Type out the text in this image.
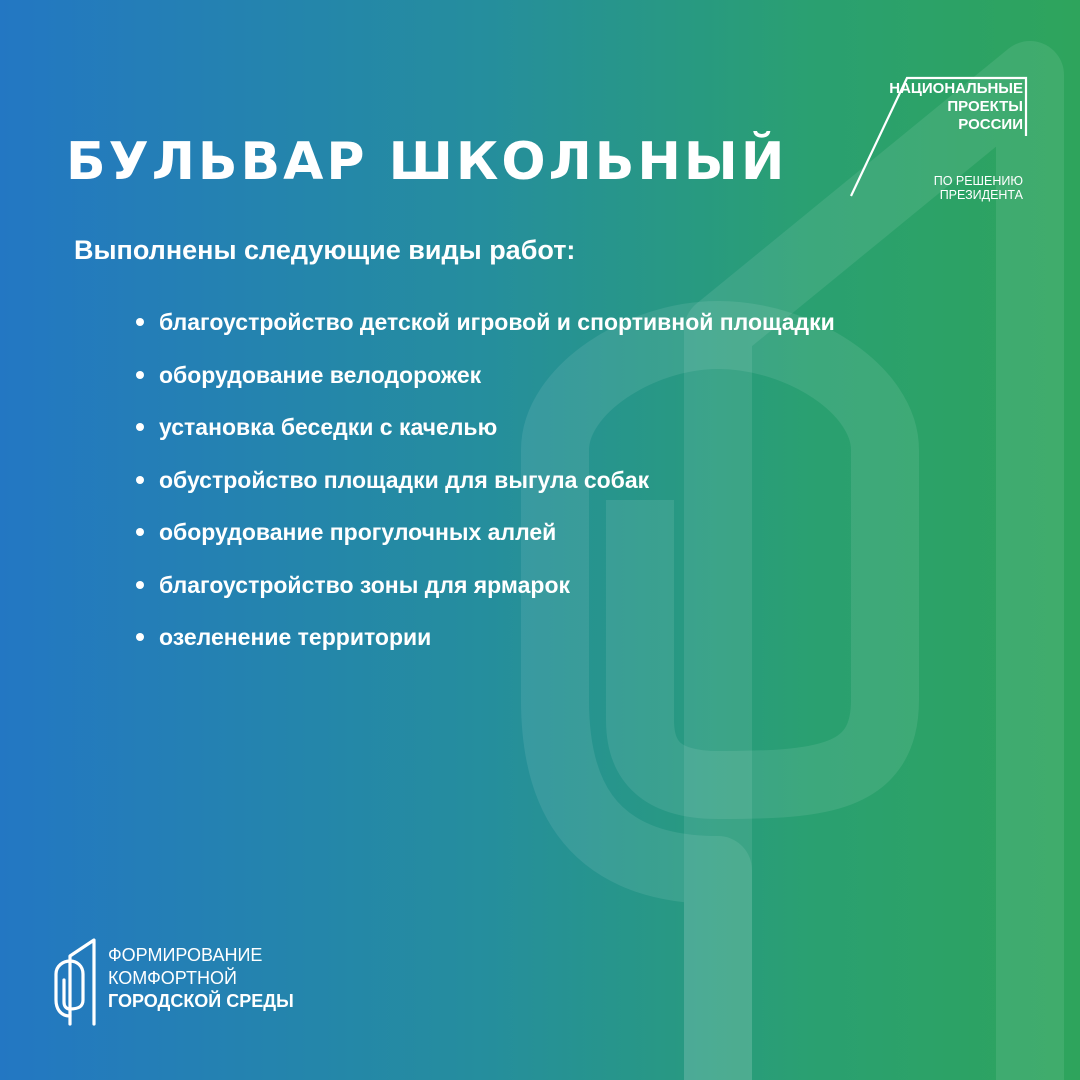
БУЛЬВАР ШКОЛЬНЫЙ
НАЦИОНАЛЬНЫЕ
ПРОЕКТЫ
РОССИИ
ПО РЕШЕНИЮ
ПРЕЗИДЕНТА
Выполнены следующие виды работ:
благоустройство детской игровой и спортивной площадки
оборудование велодорожек
установка беседки с качелью
обустройство площадки для выгула собак
оборудование прогулочных аллей
благоустройство зоны для ярмарок
озеленение территории
ФОРМИРОВАНИЕ
КОМФОРТНОЙ
ГОРОДСКОЙ СРЕДЫ
